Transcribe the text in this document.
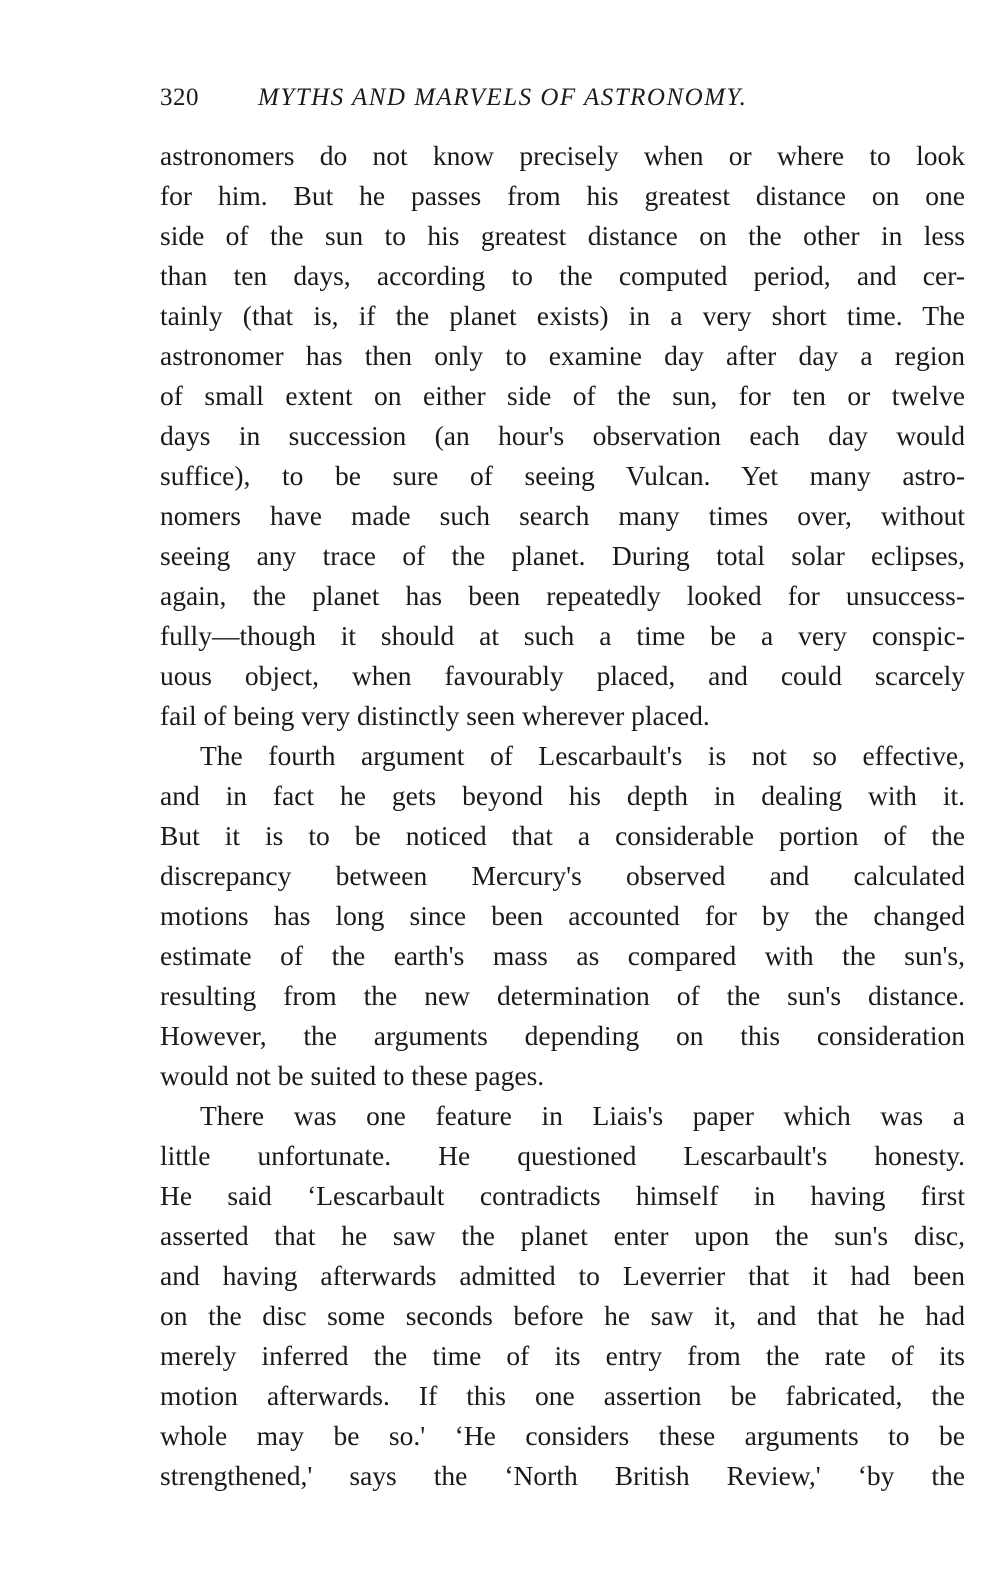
320 MYTHS AND MARVELS OF ASTRONOMY.
astronomers do not know precisely when or where to look
for him. But he passes from his greatest distance on one
side of the sun to his greatest distance on the other in less
than ten days, according to the computed period, and cer-
tainly (that is, if the planet exists) in a very short time. The
astronomer has then only to examine day after day a region
of small extent on either side of the sun, for ten or twelve
days in succession (an hour's observation each day would
suffice), to be sure of seeing Vulcan. Yet many astro-
nomers have made such search many times over, without
seeing any trace of the planet. During total solar eclipses,
again, the planet has been repeatedly looked for unsuccess-
fully—though it should at such a time be a very conspic-
uous object, when favourably placed, and could scarcely
fail of being very distinctly seen wherever placed.
The fourth argument of Lescarbault's is not so effective,
and in fact he gets beyond his depth in dealing with it.
But it is to be noticed that a considerable portion of the
discrepancy between Mercury's observed and calculated
motions has long since been accounted for by the changed
estimate of the earth's mass as compared with the sun's,
resulting from the new determination of the sun's distance.
However, the arguments depending on this consideration
would not be suited to these pages.
There was one feature in Liais's paper which was a
little unfortunate. He questioned Lescarbault's honesty.
He said ‘Lescarbault contradicts himself in having first
asserted that he saw the planet enter upon the sun's disc,
and having afterwards admitted to Leverrier that it had been
on the disc some seconds before he saw it, and that he had
merely inferred the time of its entry from the rate of its
motion afterwards. If this one assertion be fabricated, the
whole may be so.' ‘He considers these arguments to be
strengthened,' says the ‘North British Review,' ‘by the
